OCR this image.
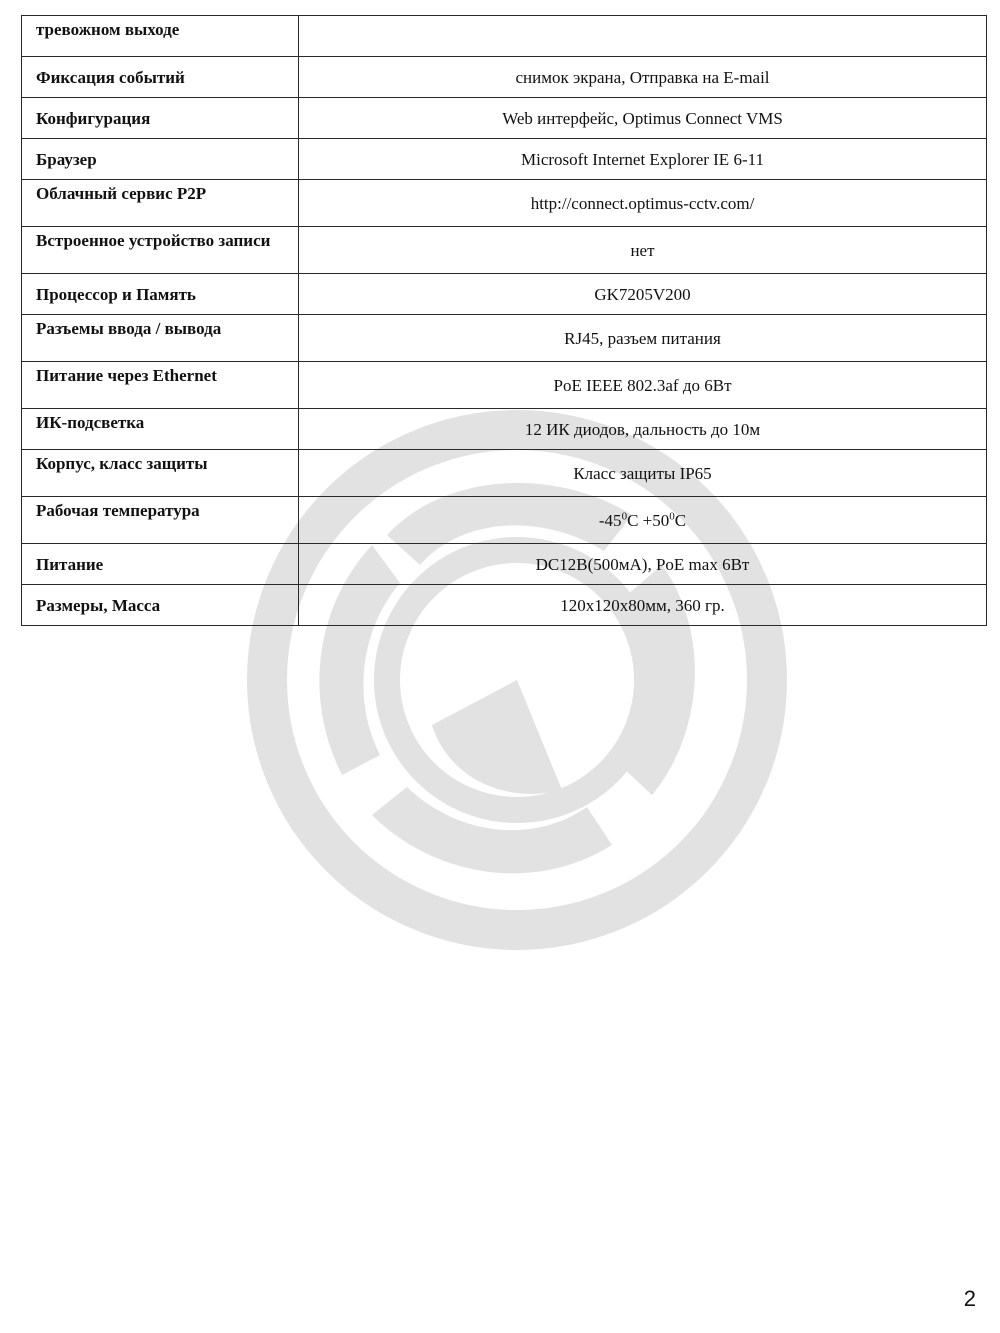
тревожном выходе	
Фиксация событий	снимок экрана, Отправка на E-mail
Конфигурация	Web интерфейс, Optimus Connect VMS
Браузер	Microsoft Internet Explorer IE 6-11
Облачный сервис P2P	http://connect.optimus-cctv.com/
Встроенное устройство записи	нет
Процессор и Память	GK7205V200
Разъемы ввода / вывода	RJ45, разъем питания
Питание через Ethernet	PoE IEEE 802.3af до 6Вт
ИК-подсветка	12 ИК диодов, дальность до 10м
Корпус, класс защиты	Класс защиты IP65
Рабочая температура	$-45^0C +50^0C$
Питание	DC12В(500мА), PoE max 6Вт
Размеры, Масса	120x120x80мм, 360 гр.
2
